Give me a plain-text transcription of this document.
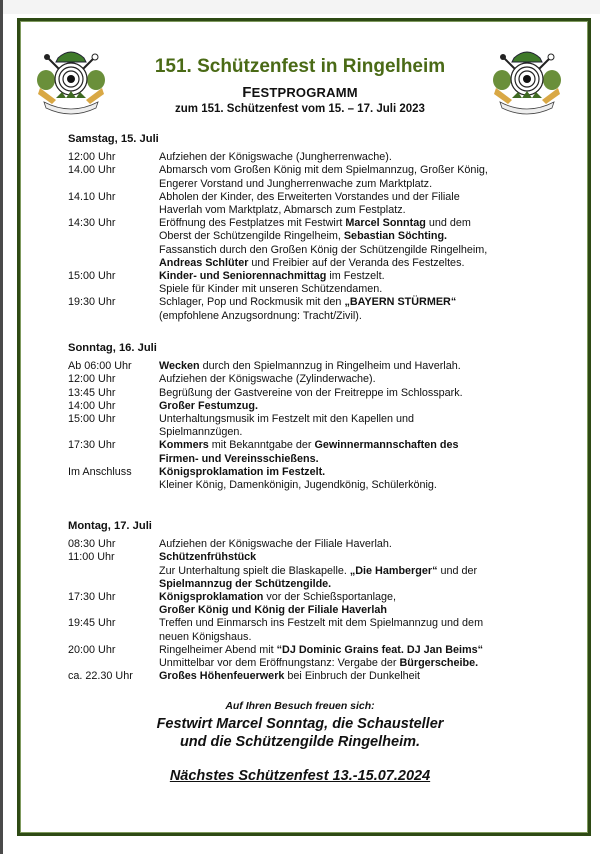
151. Schützenfest in Ringelheim
FESTPROGRAMM
zum 151. Schützenfest vom 15. – 17. Juli 2023
Samstag, 15. Juli
12:00 Uhr	Aufziehen der Königswache (Jungherrenwache).
14.00 Uhr	Abmarsch vom Großen König mit dem Spielmannzug, Großer König,
Engerer Vorstand und Jungherrenwache zum Marktplatz.
14.10 Uhr	Abholen der Kinder, des Erweiterten Vorstandes und der Filiale
Haverlah vom Marktplatz, Abmarsch zum Festplatz.
14:30 Uhr	Eröffnung des Festplatzes mit Festwirt Marcel Sonntag und dem
Oberst der Schützengilde Ringelheim, Sebastian Söchting.
Fassanstich durch den Großen König der Schützengilde Ringelheim,
Andreas Schlüter und Freibier auf der Veranda des Festzeltes.
15:00 Uhr	Kinder- und Seniorennachmittag im Festzelt.
Spiele für Kinder mit unseren Schützendamen.
19:30 Uhr	Schlager, Pop und Rockmusik mit den „BAYERN STÜRMER“
(empfohlene Anzugsordnung: Tracht/Zivil).
Sonntag, 16. Juli
Ab 06:00 Uhr	Wecken durch den Spielmannzug in Ringelheim und Haverlah.
12:00 Uhr	Aufziehen der Königswache (Zylinderwache).
13:45 Uhr	Begrüßung der Gastvereine von der Freitreppe im Schlosspark.
14:00 Uhr	Großer Festumzug.
15:00 Uhr	Unterhaltungsmusik im Festzelt mit den Kapellen und
Spielmannzügen.
17:30 Uhr	Kommers mit Bekanntgabe der Gewinnermannschaften des
Firmen- und Vereinsschießens.
Im Anschluss	Königsproklamation im Festzelt.
Kleiner König, Damenkönigin, Jugendkönig, Schülerkönig.
Montag, 17. Juli
08:30 Uhr	Aufziehen der Königswache der Filiale Haverlah.
11:00 Uhr	Schützenfrühstück
Zur Unterhaltung spielt die Blaskapelle. „Die Hamberger“ und der
Spielmannzug der Schützengilde.
17:30 Uhr	Königsproklamation vor der Schießsportanlage,
Großer König und König der Filiale Haverlah
19:45 Uhr	Treffen und Einmarsch ins Festzelt mit dem Spielmannzug und dem
neuen Königshaus.
20:00 Uhr	Ringelheimer Abend mit “DJ Dominic Grains feat. DJ Jan Beims“
Unmittelbar vor dem Eröffnungstanz: Vergabe der Bürgerscheibe.
ca. 22.30 Uhr	Großes Höhenfeuerwerk bei Einbruch der Dunkelheit
Auf Ihren Besuch freuen sich:
Festwirt Marcel Sonntag, die Schausteller
und die Schützengilde Ringelheim.
Nächstes Schützenfest 13.-15.07.2024
